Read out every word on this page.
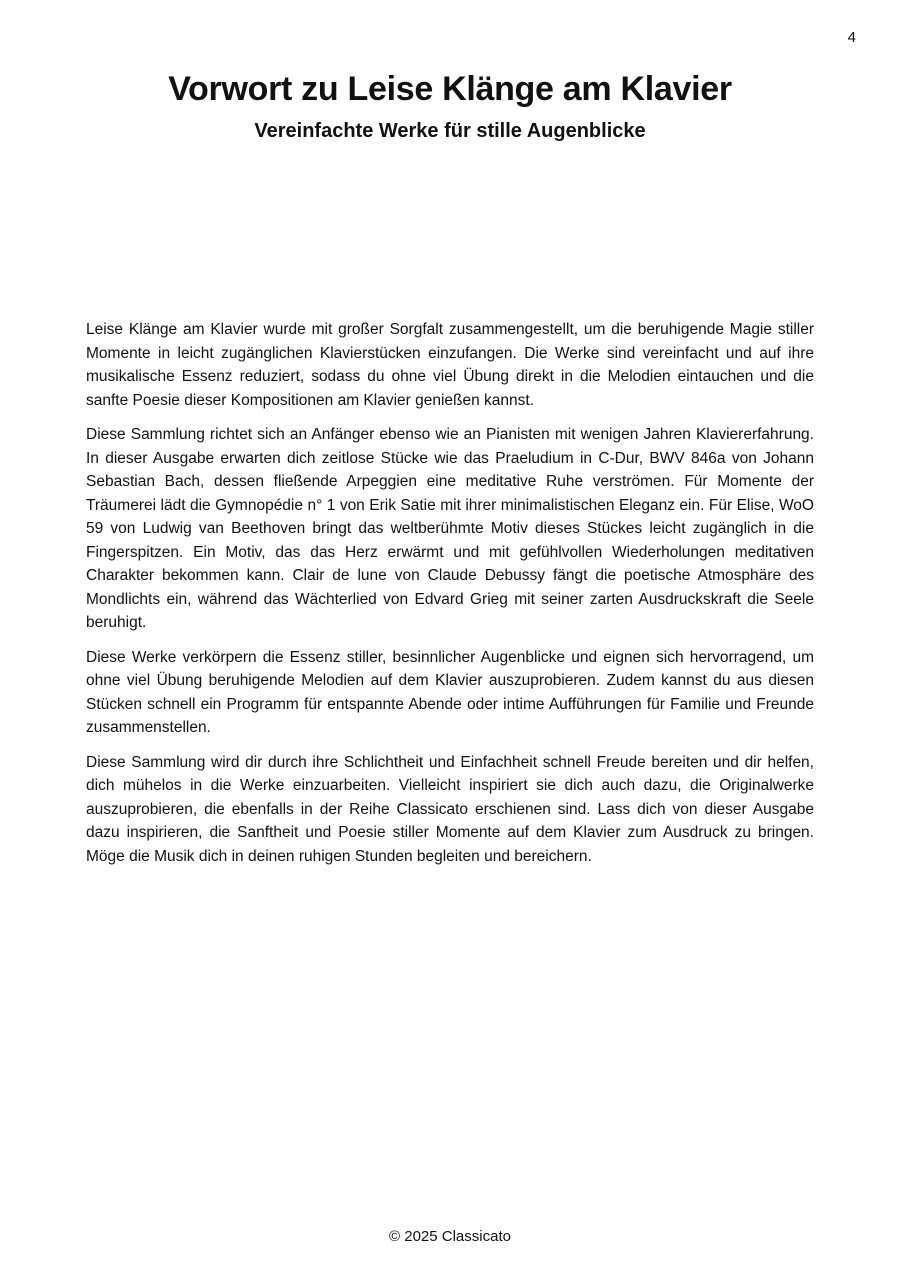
4
Vorwort zu Leise Klänge am Klavier
Vereinfachte Werke für stille Augenblicke

Leise Klänge am Klavier wurde mit großer Sorgfalt zusammengestellt, um die beruhigende Magie stiller Momente in leicht zugänglichen Klavierstücken einzufangen. Die Werke sind vereinfacht und auf ihre musikalische Essenz reduziert, sodass du ohne viel Übung direkt in die Melodien eintauchen und die sanfte Poesie dieser Kompositionen am Klavier genießen kannst.

Diese Sammlung richtet sich an Anfänger ebenso wie an Pianisten mit wenigen Jahren Klaviererfahrung. In dieser Ausgabe erwarten dich zeitlose Stücke wie das Praeludium in C-Dur, BWV 846a von Johann Sebastian Bach, dessen fließende Arpeggien eine meditative Ruhe verströmen. Für Momente der Träumerei lädt die Gymnopédie n° 1 von Erik Satie mit ihrer minimalistischen Eleganz ein. Für Elise, WoO 59 von Ludwig van Beethoven bringt das weltberühmte Motiv dieses Stückes leicht zugänglich in die Fingerspitzen. Ein Motiv, das das Herz erwärmt und mit gefühlvollen Wiederholungen meditativen Charakter bekommen kann. Clair de lune von Claude Debussy fängt die poetische Atmosphäre des Mondlichts ein, während das Wächterlied von Edvard Grieg mit seiner zarten Ausdruckskraft die Seele beruhigt.

Diese Werke verkörpern die Essenz stiller, besinnlicher Augenblicke und eignen sich hervorragend, um ohne viel Übung beruhigende Melodien auf dem Klavier auszuprobieren. Zudem kannst du aus diesen Stücken schnell ein Programm für entspannte Abende oder intime Aufführungen für Familie und Freunde zusammenstellen.

Diese Sammlung wird dir durch ihre Schlichtheit und Einfachheit schnell Freude bereiten und dir helfen, dich mühelos in die Werke einzuarbeiten. Vielleicht inspiriert sie dich auch dazu, die Originalwerke auszuprobieren, die ebenfalls in der Reihe Classicato erschienen sind. Lass dich von dieser Ausgabe dazu inspirieren, die Sanftheit und Poesie stiller Momente auf dem Klavier zum Ausdruck zu bringen. Möge die Musik dich in deinen ruhigen Stunden begleiten und bereichern.

© 2025 Classicato
